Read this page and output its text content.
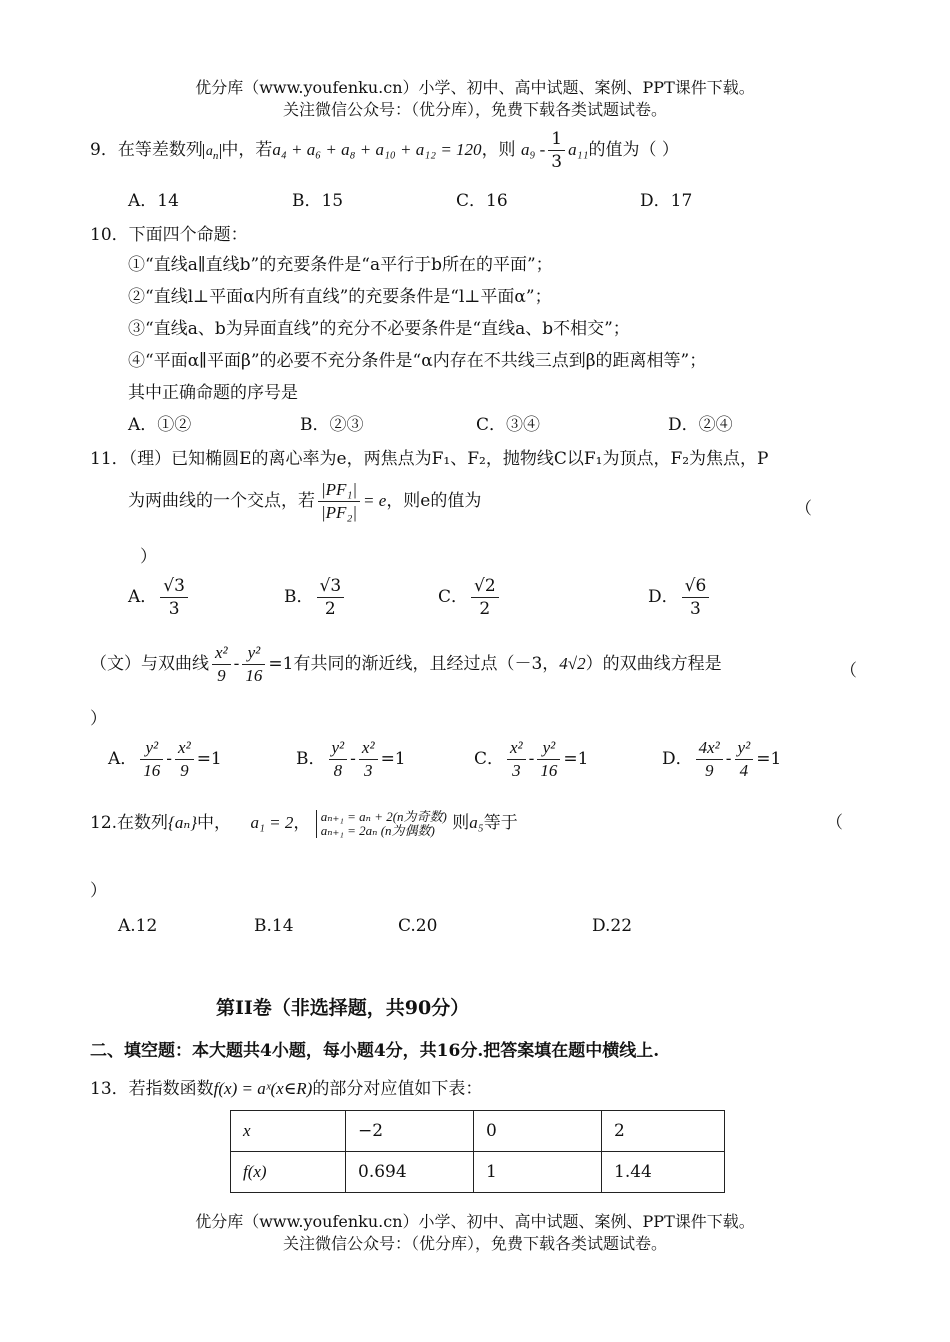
优分库（www.youfenku.cn）小学、初中、高中试题、案例、PPT课件下载。
关注微信公众号：（优分库），免费下载各类试题试卷。
9．在等差数列 $a_n$ 中，若a₄ + a₆ + a₈ + a₁₀ + a₁₂ = 120，则 $a_9 - \frac{1}{3} a_{11}$的值为（ ）
A．14	B．15	C．16	D．17
10．下面四个命题：
①“直线a∥直线b”的充要条件是“a平行于b所在的平面”；
②“直线l⊥平面α内所有直线”的充要条件是“l⊥平面α”；
③“直线a、b为异面直线”的充分不必要条件是“直线a、b不相交”；
④“平面α∥平面β”的必要不充分条件是“α内存在不共线三点到β的距离相等”；
其中正确命题的序号是
A．①②	B．②③	C．③④	D．②④
11．（理）已知椭圆E的离心率为e，两焦点为F₁、F₂，抛物线C以F₁为顶点，F₂为焦点，P
为两曲线的一个交点，若 $\frac{\text{|PF₁|}}{\text{|PF₂|}} = e$，则e的值为	（
）
A． $\frac{√3}{3}$	B． $\frac{√3}{2}$	C． $\frac{√2}{2}$	D． $\frac{√6}{3}$
（文）与双曲线 $\frac{\text{x²}}{9} - \frac{\text{y²}}{16} =1$有共同的渐近线，且经过点（－3，4√2）的双曲线方程是	（
）
A． $\frac{\text{y²}}{16} - \frac{\text{x²}}{9} =1$	B． $\frac{\text{y²}}{8} - \frac{\text{x²}}{3} =1$	C． $\frac{\text{x²}}{3} - \frac{\text{y²}}{16} =1$	D． $\frac{\text{4x²}}{9} - \frac{\text{y²}}{4} =1$
12.在数列{aₙ}中， a₁ = 2， aₙ₊₁ = aₙ + 2(n为奇数)
aₙ₊₁ = 2aₙ (n为偶数)	则a₅等于	（
）
A.12	B.14	C.20	D.22
第II卷（非选择题，共90分）
二、填空题：本大题共4小题，每小题4分，共16分.把答案填在题中横线上.
13．若指数函数f(x) = aˣ(x∈R)的部分对应值如下表：
x	−2	0	2
f(x)	0.694	1	1.44
优分库（www.youfenku.cn）小学、初中、高中试题、案例、PPT课件下载。
关注微信公众号：（优分库），免费下载各类试题试卷。
